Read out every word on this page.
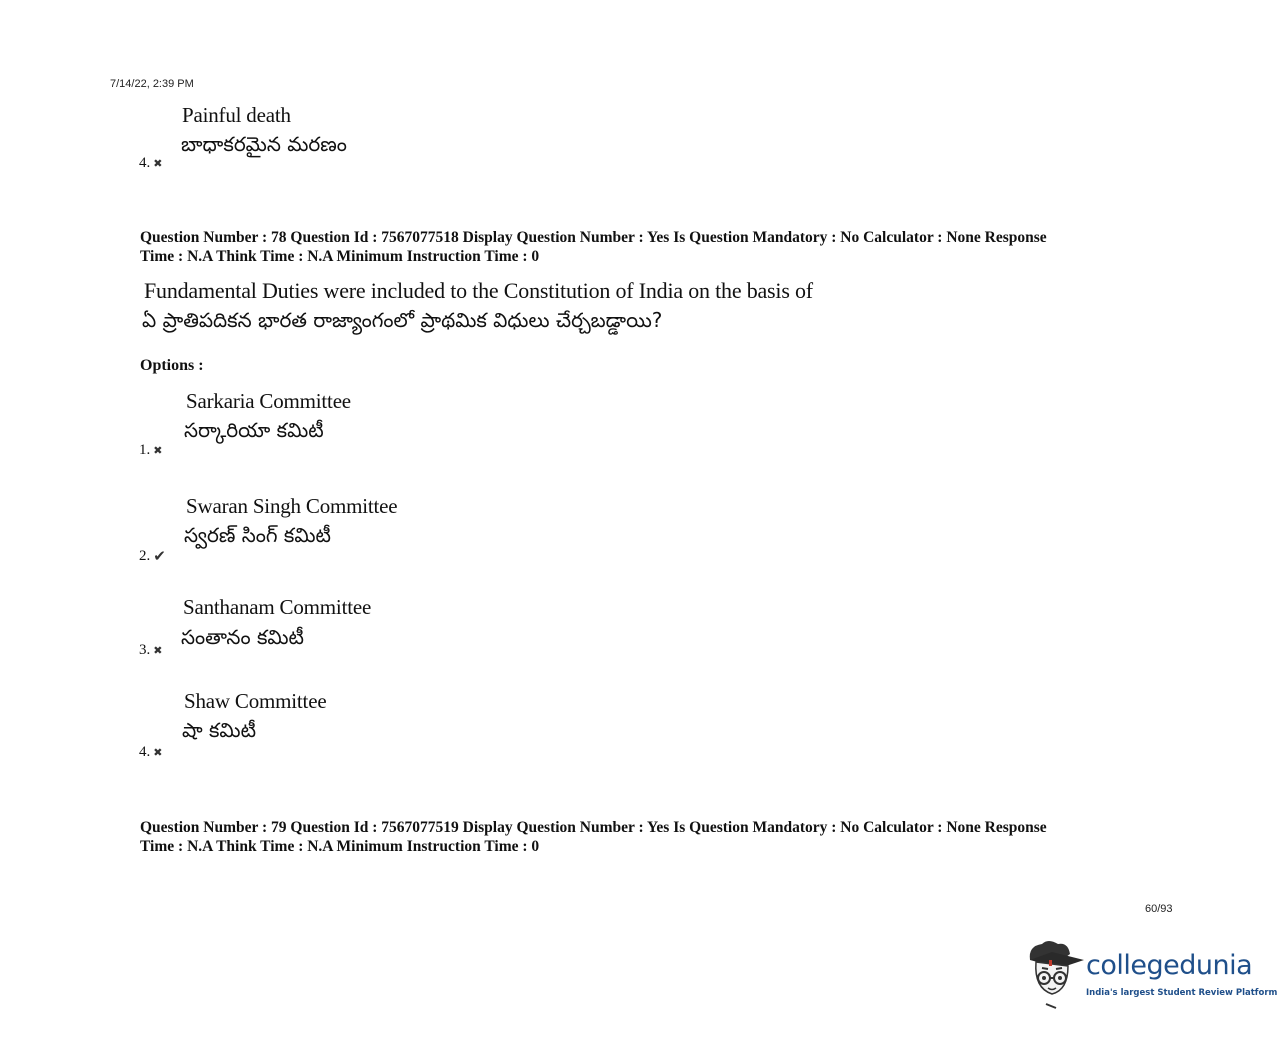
7/14/22, 2:39 PM
Painful death
బాధాకరమైన మరణం
4. ✖
Question Number : 78 Question Id : 7567077518 Display Question Number : Yes Is Question Mandatory : No Calculator : None Response
Time : N.A Think Time : N.A Minimum Instruction Time : 0
Fundamental Duties were included to the Constitution of India on the basis of
ఏ ప్రాతిపదికన భారత రాజ్యాంగంలో ప్రాథమిక విధులు చేర్చబడ్డాయి?
Options :
Sarkaria Committee
సర్కారియా కమిటీ
1. ✖
Swaran Singh Committee
స్వరణ్ సింగ్ కమిటీ
2. ✔
Santhanam Committee
సంతానం కమిటీ
3. ✖
Shaw Committee
షా కమిటీ
4. ✖
Question Number : 79 Question Id : 7567077519 Display Question Number : Yes Is Question Mandatory : No Calculator : None Response
Time : N.A Think Time : N.A Minimum Instruction Time : 0
60/93
collegedunia
India's largest Student Review Platform
